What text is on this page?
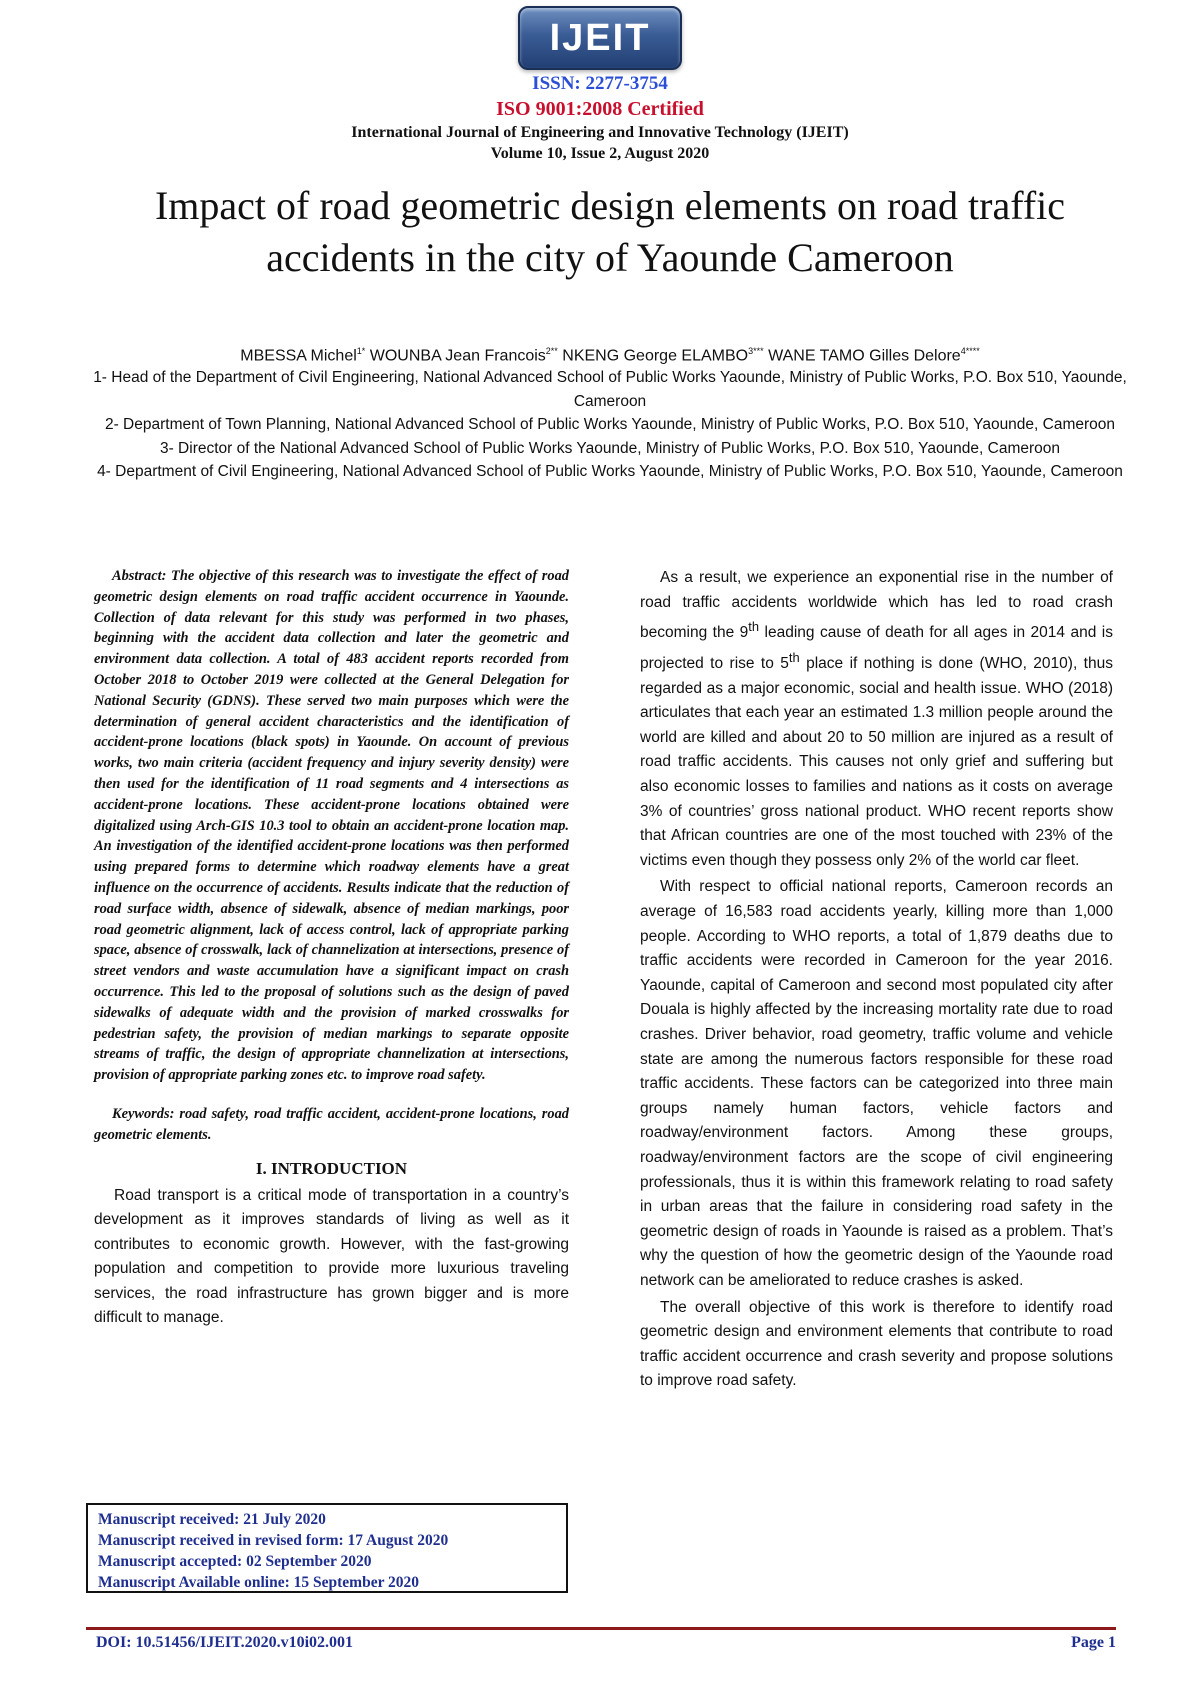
IJEIT
ISSN: 2277-3754
ISO 9001:2008 Certified
International Journal of Engineering and Innovative Technology (IJEIT)
Volume 10, Issue 2, August 2020
Impact of road geometric design elements on road traffic accidents in the city of Yaounde Cameroon
MBESSA Michel$^{1*}$ WOUNBA Jean Francois$^{2**}$ NKENG George $ELAMBO^{3***}$ WANE TAMO Gilles Delore$^{4****}$

1- Head of the Department of Civil Engineering, National Advanced School of Public Works Yaounde, Ministry of Public Works, P.O. Box 510, Yaounde, Cameroon

2- Department of Town Planning, National Advanced School of Public Works Yaounde, Ministry of Public Works, P.O. Box 510, Yaounde, Cameroon

3- Director of the National Advanced School of Public Works Yaounde, Ministry of Public Works, P.O. Box 510, Yaounde, Cameroon

4- Department of Civil Engineering, National Advanced School of Public Works Yaounde, Ministry of Public Works, P.O. Box 510, Yaounde, Cameroon

Abstract: The objective of this research was to investigate the effect of road geometric design elements on road traffic accident occurrence in Yaounde. Collection of data relevant for this study was performed in two phases, beginning with the accident data collection and later the geometric and environment data collection. A total of 483 accident reports recorded from October 2018 to October 2019 were collected at the General Delegation for National Security (GDNS). These served two main purposes which were the determination of general accident characteristics and the identification of accident-prone locations (black spots) in Yaounde. On account of previous works, two main criteria (accident frequency and injury severity density) were then used for the identification of 11 road segments and 4 intersections as accident-prone locations. These accident-prone locations obtained were digitalized using Arch-GIS 10.3 tool to obtain an accident-prone location map. An investigation of the identified accident-prone locations was then performed using prepared forms to determine which roadway elements have a great influence on the occurrence of accidents. Results indicate that the reduction of road surface width, absence of sidewalk, absence of median markings, poor road geometric alignment, lack of access control, lack of appropriate parking space, absence of crosswalk, lack of channelization at intersections, presence of street vendors and waste accumulation have a significant impact on crash occurrence. This led to the proposal of solutions such as the design of paved sidewalks of adequate width and the provision of marked crosswalks for pedestrian safety, the provision of median markings to separate opposite streams of traffic, the design of appropriate channelization at intersections, provision of appropriate parking zones etc. to improve road safety.

Keywords: road safety, road traffic accident, accident-prone locations, road geometric elements.

I. INTRODUCTION

Road transport is a critical mode of transportation in a country’s development as it improves standards of living as well as it contributes to economic growth. However, with the fast-growing population and competition to provide more luxurious traveling services, the road infrastructure has grown bigger and is more difficult to manage.

As a result, we experience an exponential rise in the number of road traffic accidents worldwide which has led to road crash becoming the 9th leading cause of death for all ages in 2014 and is projected to rise to 5th place if nothing is done (WHO, 2010), thus regarded as a major economic, social and health issue. WHO (2018) articulates that each year an estimated 1.3 million people around the world are killed and about 20 to 50 million are injured as a result of road traffic accidents. This causes not only grief and suffering but also economic losses to families and nations as it costs on average 3% of countries’ gross national product. WHO recent reports show that African countries are one of the most touched with 23% of the victims even though they possess only 2% of the world car fleet.

With respect to official national reports, Cameroon records an average of 16,583 road accidents yearly, killing more than 1,000 people. According to WHO reports, a total of 1,879 deaths due to traffic accidents were recorded in Cameroon for the year 2016. Yaounde, capital of Cameroon and second most populated city after Douala is highly affected by the increasing mortality rate due to road crashes. Driver behavior, road geometry, traffic volume and vehicle state are among the numerous factors responsible for these road traffic accidents. These factors can be categorized into three main groups namely human factors, vehicle factors and roadway/environment factors. Among these groups, roadway/environment factors are the scope of civil engineering professionals, thus it is within this framework relating to road safety in urban areas that the failure in considering road safety in the geometric design of roads in Yaounde is raised as a problem. That’s why the question of how the geometric design of the Yaounde road network can be ameliorated to reduce crashes is asked.

The overall objective of this work is therefore to identify road geometric design and environment elements that contribute to road traffic accident occurrence and crash severity and propose solutions to improve road safety.

Manuscript received: 21 July 2020
Manuscript received in revised form: 17 August 2020
Manuscript accepted: 02 September 2020
Manuscript Available online: 15 September 2020
DOI: 10.51456/IJEIT.2020.v10i02.001	Page 1
